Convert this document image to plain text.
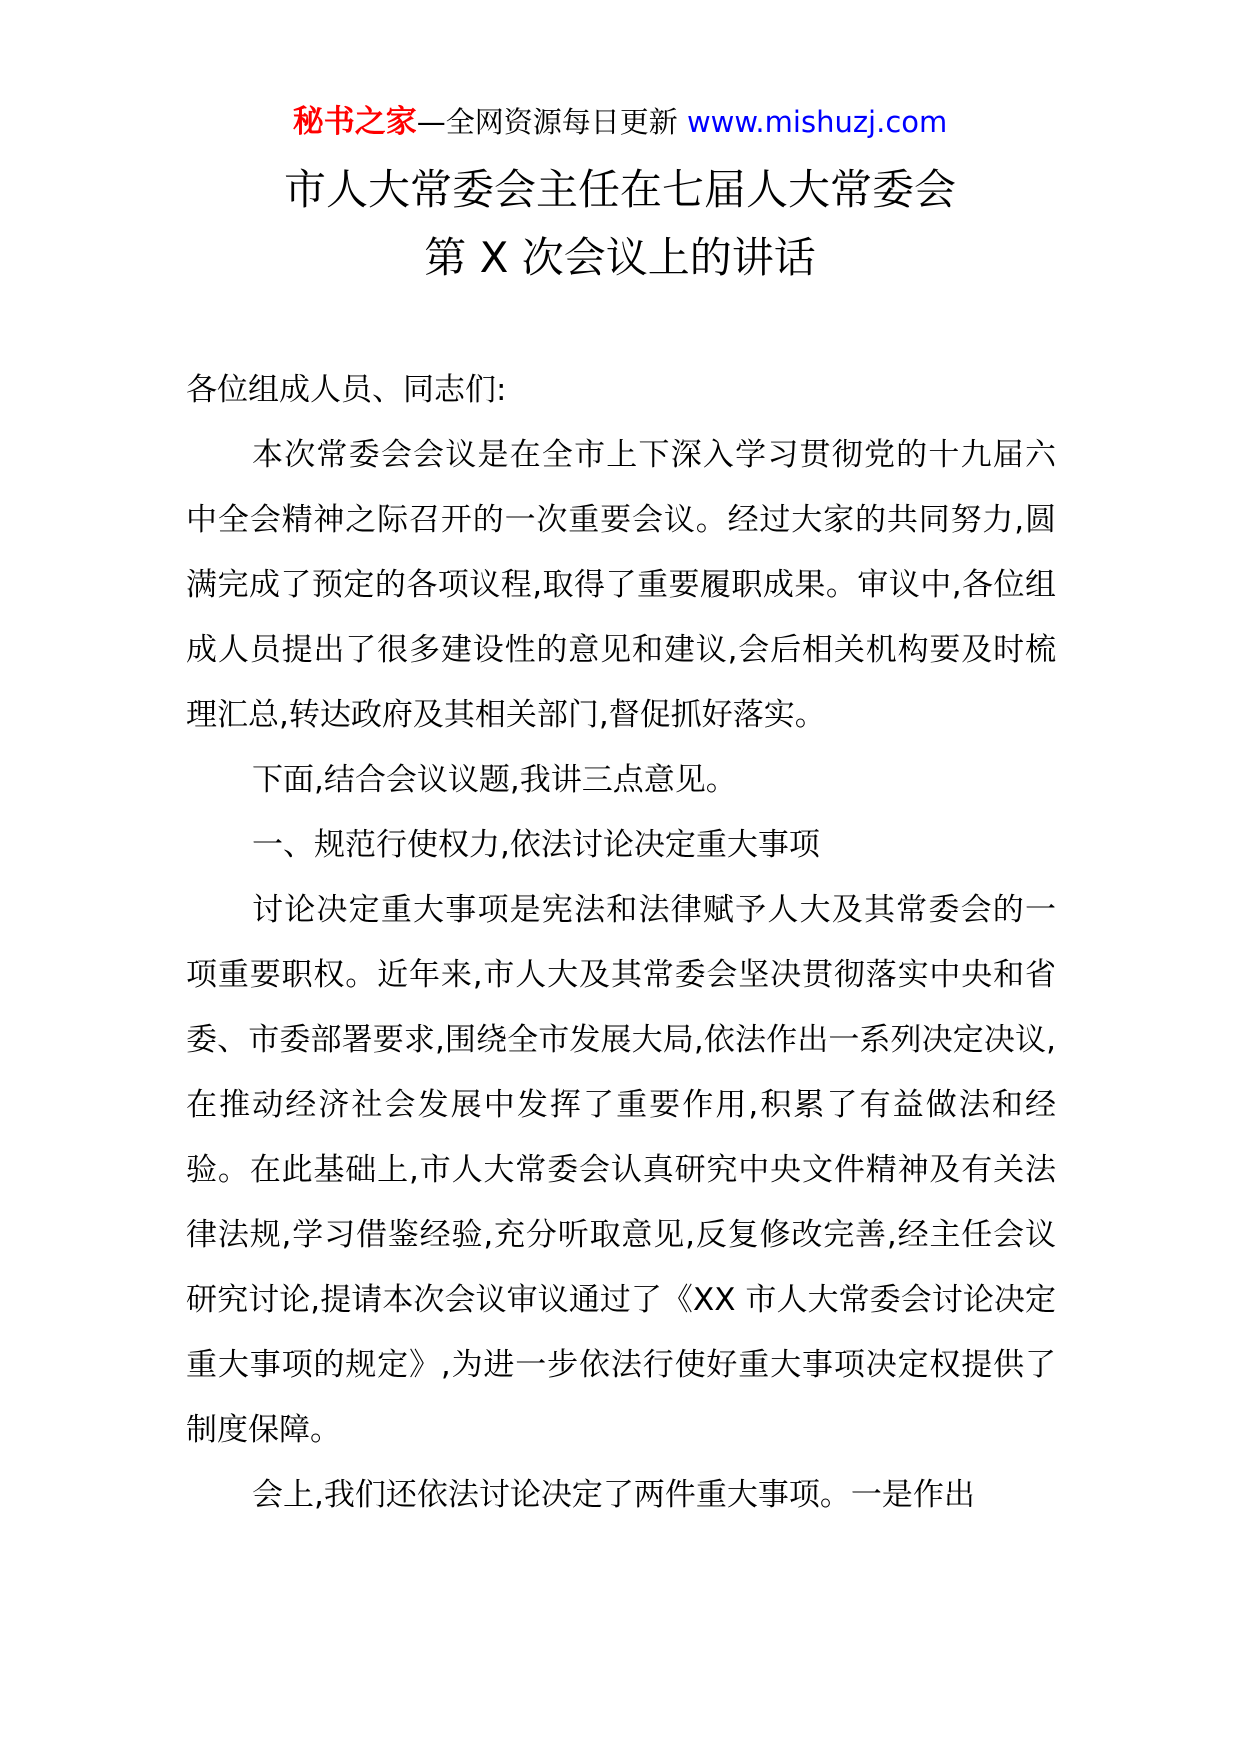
秘书之家—全网资源每日更新 www.mishuzj.com
市人大常委会主任在七届人大常委会
第 X 次会议上的讲话

各位组成人员、同志们:

本次常委会会议是在全市上下深入学习贯彻党的十九届六中全会精神之际召开的一次重要会议。经过大家的共同努力,圆满完成了预定的各项议程,取得了重要履职成果。审议中,各位组成人员提出了很多建设性的意见和建议,会后相关机构要及时梳理汇总,转达政府及其相关部门,督促抓好落实。

下面,结合会议议题,我讲三点意见。

一、规范行使权力,依法讨论决定重大事项

讨论决定重大事项是宪法和法律赋予人大及其常委会的一项重要职权。近年来,市人大及其常委会坚决贯彻落实中央和省委、市委部署要求,围绕全市发展大局,依法作出一系列决定决议,在推动经济社会发展中发挥了重要作用,积累了有益做法和经验。在此基础上,市人大常委会认真研究中央文件精神及有关法律法规,学习借鉴经验,充分听取意见,反复修改完善,经主任会议研究讨论,提请本次会议审议通过了《XX 市人大常委会讨论决定重大事项的规定》,为进一步依法行使好重大事项决定权提供了制度保障。

会上,我们还依法讨论决定了两件重大事项。一是作出
